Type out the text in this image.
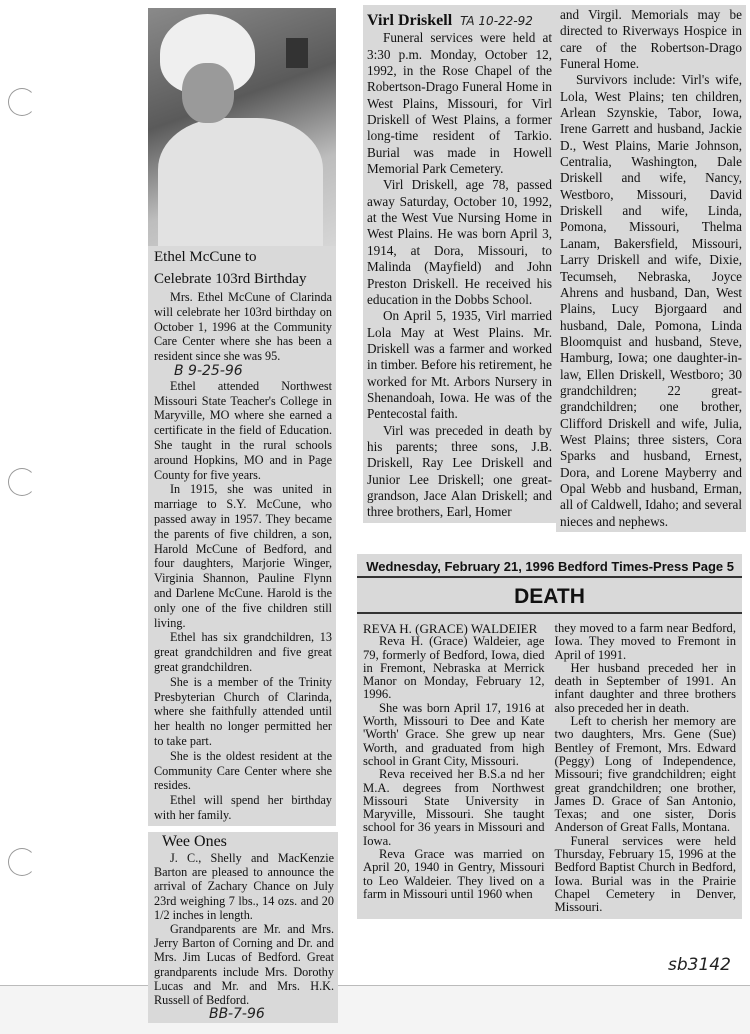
Ethel McCune to
Celebrate 103rd Birthday

Mrs. Ethel McCune of Clarinda will celebrate her 103rd birthday on October 1, 1996 at the Community Care Center where she has been a resident since she was 95.

B 9-25-96

Ethel attended Northwest Missouri State Teacher's College in Maryville, MO where she earned a certificate in the field of Education. She taught in the rural schools around Hopkins, MO and in Page County for five years.

In 1915, she was united in marriage to S.Y. McCune, who passed away in 1957. They became the parents of five children, a son, Harold McCune of Bedford, and four daughters, Marjorie Winger, Virginia Shannon, Pauline Flynn and Darlene McCune. Harold is the only one of the five children still living.

Ethel has six grandchildren, 13 great grandchildren and five great great grandchildren.

She is a member of the Trinity Presbyterian Church of Clarinda, where she faithfully attended until her health no longer permitted her to take part.

She is the oldest resident at the Community Care Center where she resides.

Ethel will spend her birthday with her family.

Wee Ones

J. C., Shelly and MacKenzie Barton are pleased to announce the arrival of Zachary Chance on July 23rd weighing 7 lbs., 14 ozs. and 20 1/2 inches in length.

Grandparents are Mr. and Mrs. Jerry Barton of Corning and Dr. and Mrs. Jim Lucas of Bedford. Great grandparents include Mrs. Dorothy Lucas and Mr. and Mrs. H.K. Russell of Bedford.

BB-7-96
Virl Driskell TA 10-22-92

Funeral services were held at 3:30 p.m. Monday, October 12, 1992, in the Rose Chapel of the Robertson-Drago Funeral Home in West Plains, Missouri, for Virl Driskell of West Plains, a former long-time resident of Tarkio. Burial was made in Howell Memorial Park Cemetery.

Virl Driskell, age 78, passed away Saturday, October 10, 1992, at the West Vue Nursing Home in West Plains. He was born April 3, 1914, at Dora, Missouri, to Malinda (Mayfield) and John Preston Driskell. He received his education in the Dobbs School.

On April 5, 1935, Virl married Lola May at West Plains. Mr. Driskell was a farmer and worked in timber. Before his retirement, he worked for Mt. Arbors Nursery in Shenandoah, Iowa. He was of the Pentecostal faith.

Virl was preceded in death by his parents; three sons, J.B. Driskell, Ray Lee Driskell and Junior Lee Driskell; one great-grandson, Jace Alan Driskell; and three brothers, Earl, Homer

and Virgil. Memorials may be directed to Riverways Hospice in care of the Robertson-Drago Funeral Home.

Survivors include: Virl's wife, Lola, West Plains; ten children, Arlean Szynskie, Tabor, Iowa, Irene Garrett and husband, Jackie D., West Plains, Marie Johnson, Centralia, Washington, Dale Driskell and wife, Nancy, Westboro, Missouri, David Driskell and wife, Linda, Pomona, Missouri, Thelma Lanam, Bakersfield, Missouri, Larry Driskell and wife, Dixie, Tecumseh, Nebraska, Joyce Ahrens and husband, Dan, West Plains, Lucy Bjorgaard and husband, Dale, Pomona, Linda Bloomquist and husband, Steve, Hamburg, Iowa; one daughter-in-law, Ellen Driskell, Westboro; 30 grandchildren; 22 great-grandchildren; one brother, Clifford Driskell and wife, Julia, West Plains; three sisters, Cora Sparks and husband, Ernest, Dora, and Lorene Mayberry and Opal Webb and husband, Erman, all of Caldwell, Idaho; and several nieces and nephews.

Wednesday, February 21, 1996 Bedford Times-Press Page 5
DEATH
REVA H. (GRACE) WALDEIER

Reva H. (Grace) Waldeier, age 79, formerly of Bedford, Iowa, died in Fremont, Nebraska at Merrick Manor on Monday, February 12, 1996.

She was born April 17, 1916 at Worth, Missouri to Dee and Kate 'Worth' Grace. She grew up near Worth, and graduated from high school in Grant City, Missouri.

Reva received her B.S.a nd her M.A. degrees from Northwest Missouri State University in Maryville, Missouri. She taught school for 36 years in Missouri and Iowa.

Reva Grace was married on April 20, 1940 in Gentry, Missouri to Leo Waldeier. They lived on a farm in Missouri until 1960 when

they moved to a farm near Bedford, Iowa. They moved to Fremont in April of 1991.

Her husband preceded her in death in September of 1991. An infant daughter and three brothers also preceded her in death.

Left to cherish her memory are two daughters, Mrs. Gene (Sue) Bentley of Fremont, Mrs. Edward (Peggy) Long of Independence, Missouri; five grandchildren; eight great grandchildren; one brother, James D. Grace of San Antonio, Texas; and one sister, Doris Anderson of Great Falls, Montana.

Funeral services were held Thursday, February 15, 1996 at the Bedford Baptist Church in Bedford, Iowa. Burial was in the Prairie Chapel Cemetery in Denver, Missouri.

sb3142
